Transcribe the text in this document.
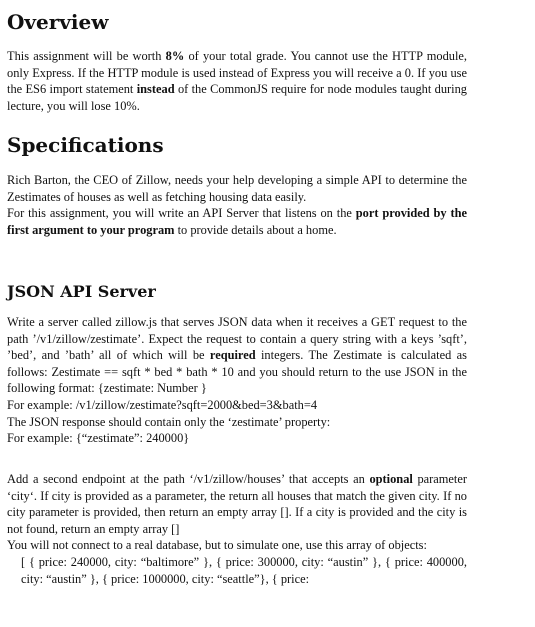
Overview

This assignment will be worth 8% of your total grade. You cannot use the HTTP module, only Express. If the HTTP module is used instead of Express you will receive a 0. If you use the ES6 import statement instead of the CommonJS require for node modules taught during lecture, you will lose 10%.

Specifications

Rich Barton, the CEO of Zillow, needs your help developing a simple API to determine the Zestimates of houses as well as fetching housing data easily.
For this assignment, you will write an API Server that listens on the port provided by the first argument to your program to provide details about a home.

JSON API Server

Write a server called zillow.js that serves JSON data when it receives a GET request to the path ’/v1/zillow/zestimate’. Expect the request to contain a query string with a keys ’sqft’, ’bed’, and ’bath’ all of which will be required integers. The Zestimate is calculated as follows: Zestimate == sqft * bed * bath * 10 and you should return to the use JSON in the following format: {zestimate: Number }
For example: /v1/zillow/zestimate?sqft=2000&bed=3&bath=4
The JSON response should contain only the ‘zestimate’ property:
For example: {“zestimate”: 240000}

Add a second endpoint at the path ‘/v1/zillow/houses’ that accepts an optional parameter ‘city‘. If city is provided as a parameter, the return all houses that match the given city. If no city parameter is provided, then return an empty array []. If a city is provided and the city is not found, return an empty array []
You will not connect to a real database, but to simulate one, use this array of objects:
[ { price: 240000, city: “baltimore” }, { price: 300000, city: “austin” }, { price: 400000, city: “austin” }, { price: 1000000, city: “seattle”}, { price:
